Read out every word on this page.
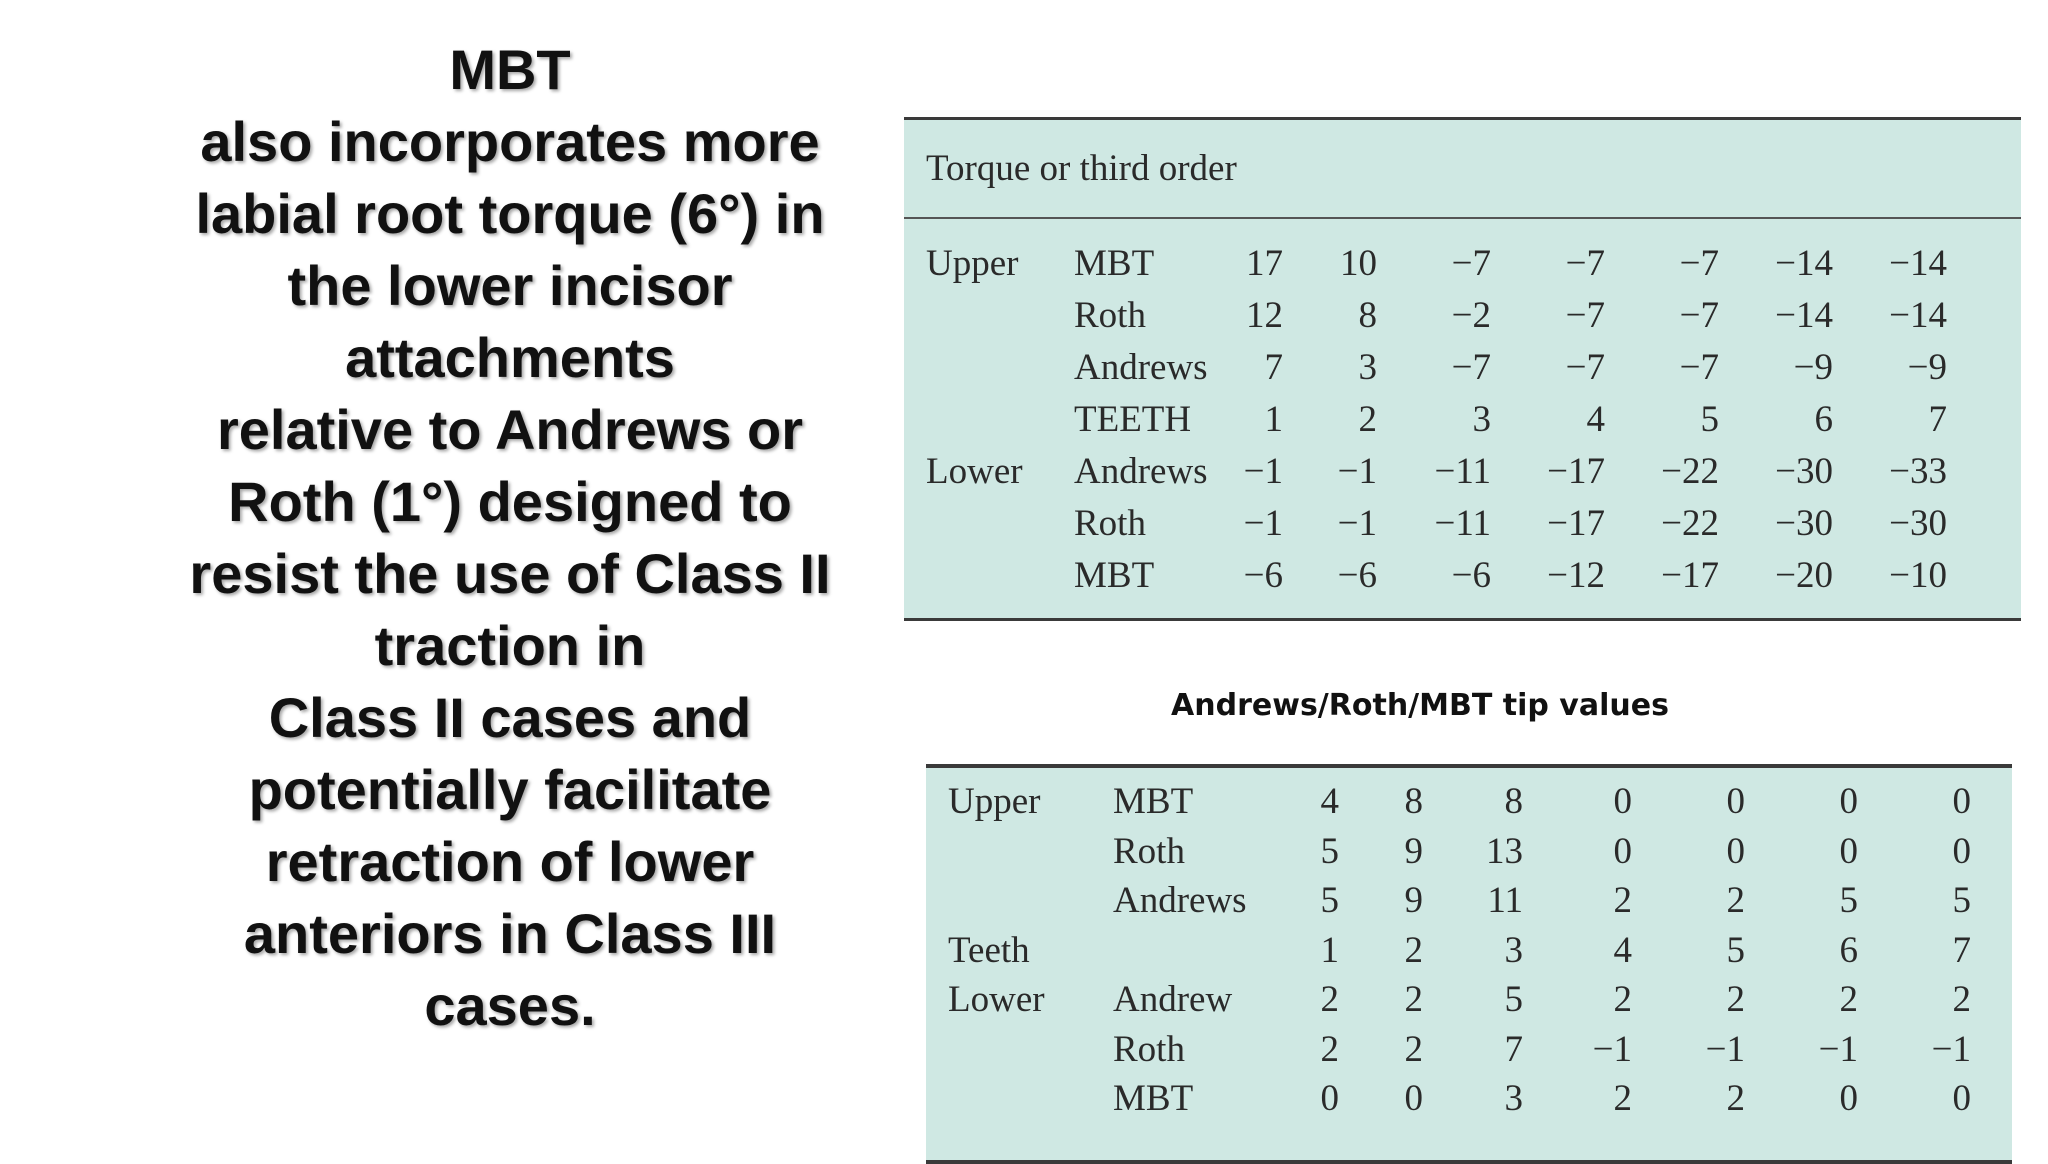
MBT
also incorporates more
labial root torque (6°) in
the lower incisor
attachments
relative to Andrews or
Roth (1°) designed to
resist the use of Class II
traction in
Class II cases and
potentially facilitate
retraction of lower
anteriors in Class III
cases.
Torque or third order
Upper	MBT	17	10	−7	−7	−7	−14	−14
	Roth	12	8	−2	−7	−7	−14	−14
	Andrews	7	3	−7	−7	−7	−9	−9
	TEETH	1	2	3	4	5	6	7
Lower	Andrews	−1	−1	−11	−17	−22	−30	−33
	Roth	−1	−1	−11	−17	−22	−30	−30
	MBT	−6	−6	−6	−12	−17	−20	−10
Andrews/Roth/MBT tip values
Upper	MBT	4	8	8	0	0	0	0
	Roth	5	9	13	0	0	0	0
	Andrews	5	9	11	2	2	5	5
Teeth		1	2	3	4	5	6	7
Lower	Andrew	2	2	5	2	2	2	2
	Roth	2	2	7	−1	−1	−1	−1
	MBT	0	0	3	2	2	0	0
